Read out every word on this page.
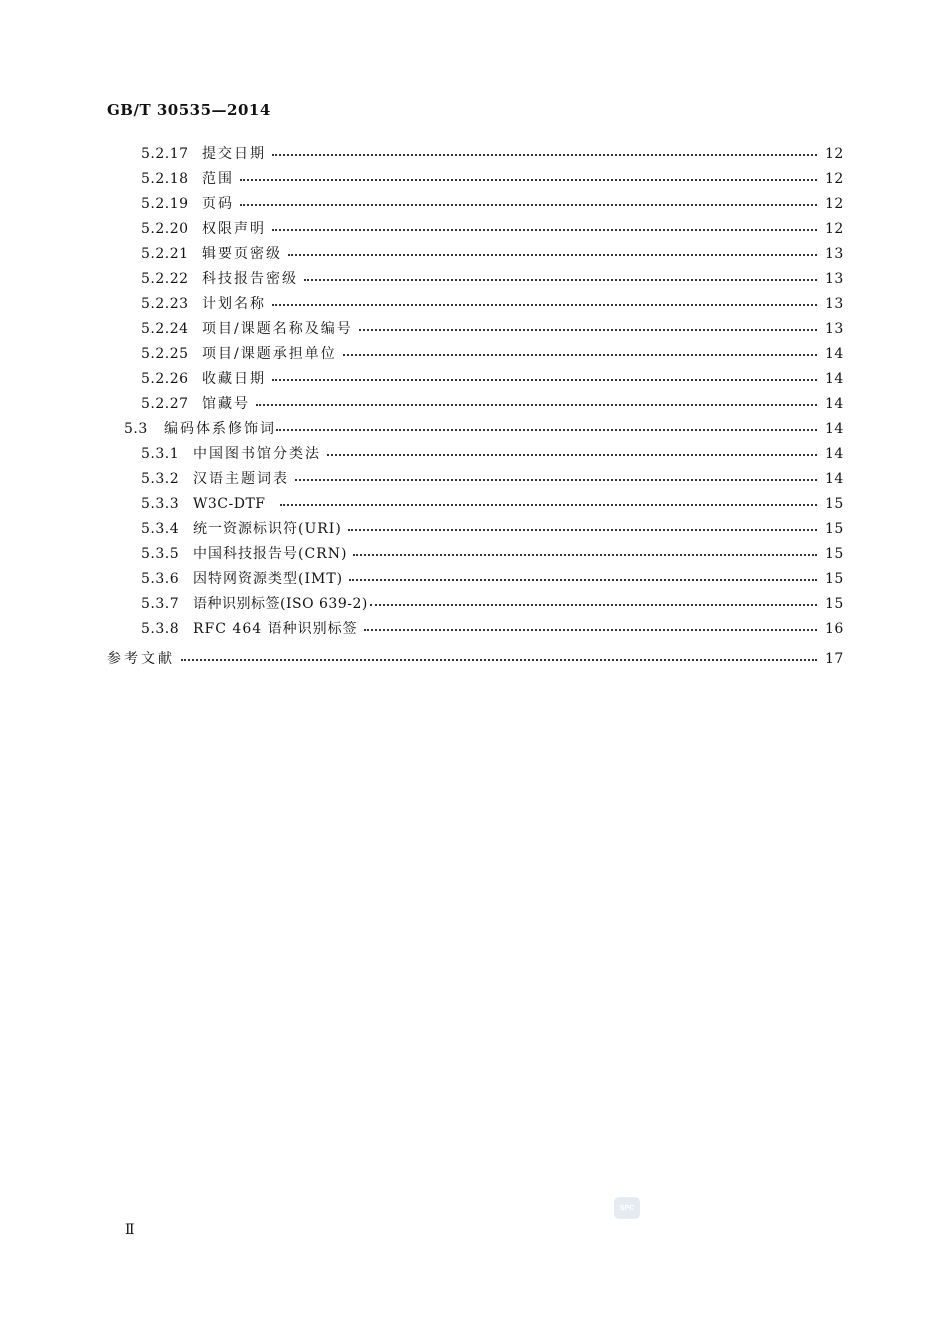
GB/T 30535—2014
5.2.17 提交日期	12
5.2.18 范围	12
5.2.19 页码	12
5.2.20 权限声明	12
5.2.21 辑要页密级	13
5.2.22 科技报告密级	13
5.2.23 计划名称	13
5.2.24 项目/课题名称及编号	13
5.2.25 项目/课题承担单位	14
5.2.26 收藏日期	14
5.2.27 馆藏号	14
5.3	编码体系修饰词	14
5.3.1 中国图书馆分类法	14
5.3.2 汉语主题词表	14
5.3.3 W3C-DTF	15
5.3.4 统一资源标识符(URI)	15
5.3.5 中国科技报告号(CRN)	15
5.3.6 因特网资源类型(IMT)	15
5.3.7 语种识别标签(ISO 639-2)	15
5.3.8 RFC 464 语种识别标签	16
参考文献	17
SPC
Ⅱ
